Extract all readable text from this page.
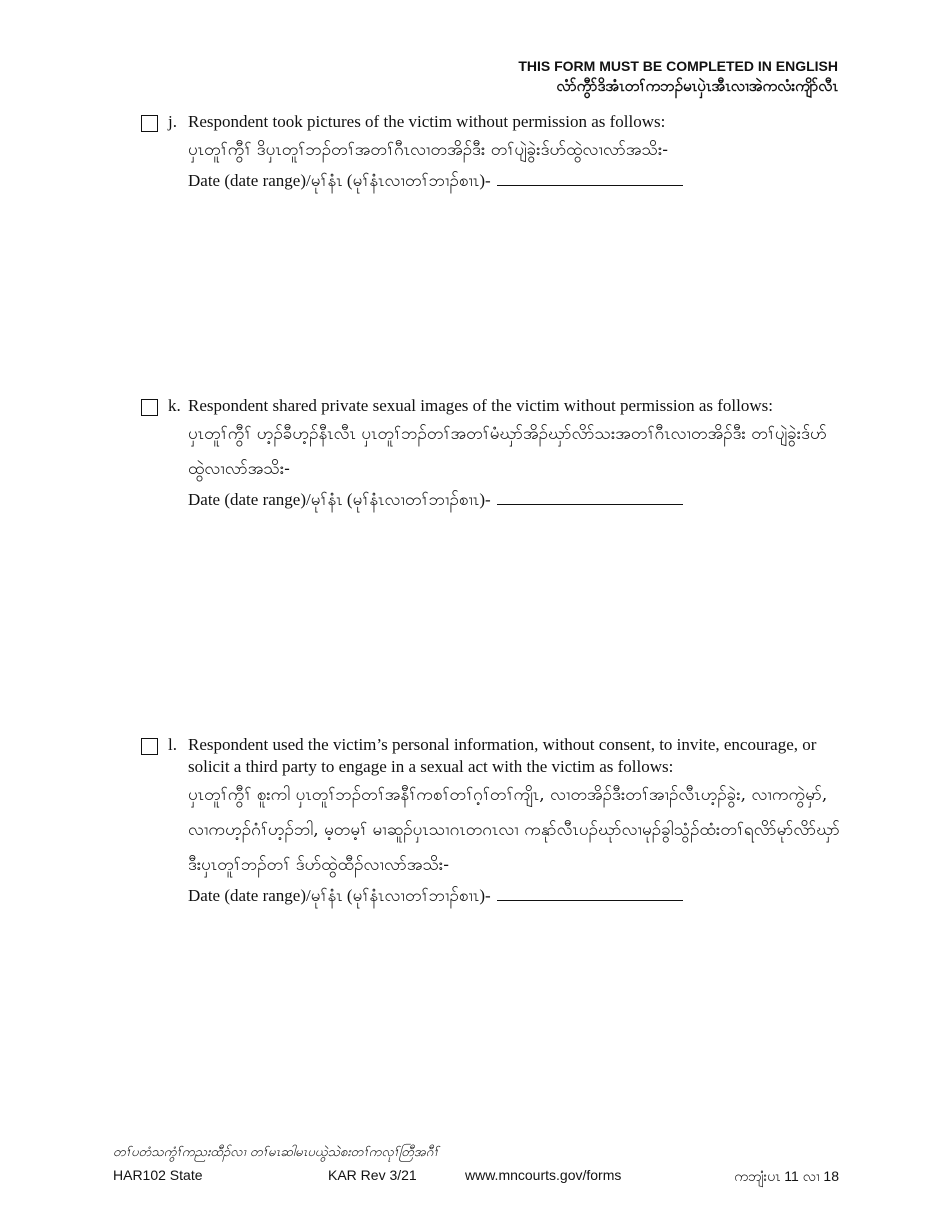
THIS FORM MUST BE COMPLETED IN ENGLISH
လံာ်ကွီာ်ဒိအံၤတၢ်ကဘၣ်မၤပှဲၤအီၤလၢအဲကလံးကျိာ်လီၤ
j. Respondent took pictures of the victim without permission as follows:
ပှၤတူၢ်ကွီၢ် ဒိပှၤတူၢ်ဘၣ်တၢ်အတၢ်ဂီၤလၢတအိၣ်ဒီး တၢ်ပျဲခွဲးဒ်ဟ်ထွဲလၢလာ်အသိး-
Date (date range)/မုၢ်နံၤ (မုၢ်နံၤလၢတၢ်ဘၢၣ်စၢၤ)-
k. Respondent shared private sexual images of the victim without permission as follows:
ပှၤတူၢ်ကွီၢ် ဟ့ၣ်ခီဟ့ၣ်နီၤလီၤ ပှၤတူၢ်ဘၣ်တၢ်အတၢ်မံဃှာ်အိၣ်ဃှာ်လိာ်သးအတၢ်ဂီၤလၢတအိၣ်ဒီး တၢ်ပျဲခွဲးဒ်ဟ်ထွဲလၢလာ်အသိး-
Date (date range)/မုၢ်နံၤ (မုၢ်နံၤလၢတၢ်ဘၢၣ်စၢၤ)-
l. Respondent used the victim’s personal information, without consent, to invite, encourage, or solicit a third party to engage in a sexual act with the victim as follows:
ပှၤတူၢ်ကွီၢ် စူးကါ ပှၤတူၢ်ဘၣ်တၢ်အနီၢ်ကစၢ်တၢ်ဂ့ၢ်တၢ်ကျိၤ, လၢတအိၣ်ဒီးတၢ်အၢၣ်လီၤဟ့ၣ်ခွဲး, လၢကကွဲမှာ်, လၢကဟ့ၣ်ဂံၢ်ဟ့ၣ်ဘါ, မ့တမ့ၢ် မၢဆူၣ်ပှၤသၢဂၤတဂၤလၢ ကနုာ်လီၤပၣ်ဃုာ်လၢမုၣ်ခွါသွံၣ်ထံးတၢ်ရလိာ်မုာ်လိာ်ဃှာ်ဒီးပှၤတူၢ်ဘၣ်တၢ် ဒ်ဟ်ထွဲထီၣ်လၢလာ်အသိး-
Date (date range)/မုၢ်နံၤ (မုၢ်နံၤလၢတၢ်ဘၢၣ်စၢၤ)-
တၢ်ပတံသကွံၢ်ကညးထီၣ်လၢ တၢ်မၤဆါမၤပယွဲသဲစးတၢ်ကလုၢ်တြီအဂီၢ်
HAR102 State	KAR Rev 3/21	www.mncourts.gov/forms	ကဘျံးပၤ 11 လၢ 18
